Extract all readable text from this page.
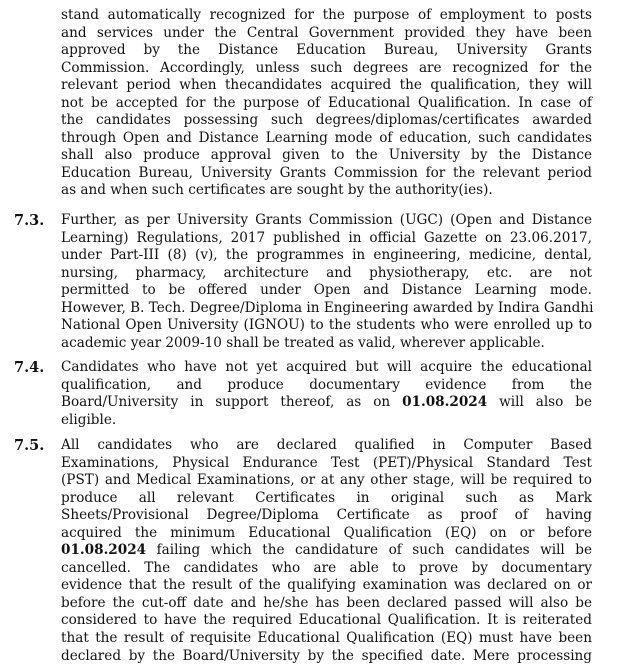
stand automatically recognized for the purpose of employment to posts
and services under the Central Government provided they have been
approved by the Distance Education Bureau, University Grants
Commission. Accordingly, unless such degrees are recognized for the
relevant period when thecandidates acquired the qualification, they will
not be accepted for the purpose of Educational Qualification. In case of
the candidates possessing such degrees/diplomas/certificates awarded
through Open and Distance Learning mode of education, such candidates
shall also produce approval given to the University by the Distance
Education Bureau, University Grants Commission for the relevant period
as and when such certificates are sought by the authority(ies).
7.3. Further, as per University Grants Commission (UGC) (Open and Distance
Learning) Regulations, 2017 published in official Gazette on 23.06.2017,
under Part-III (8) (v), the programmes in engineering, medicine, dental,
nursing, pharmacy, architecture and physiotherapy, etc. are not
permitted to be offered under Open and Distance Learning mode.
However, B. Tech. Degree/Diploma in Engineering awarded by Indira Gandhi
National Open University (IGNOU) to the students who were enrolled up to
academic year 2009-10 shall be treated as valid, wherever applicable.
7.4. Candidates who have not yet acquired but will acquire the educational
qualification, and produce documentary evidence from the
Board/University in support thereof, as on 01.08.2024 will also be
eligible.
7.5. All candidates who are declared qualified in Computer Based
Examinations, Physical Endurance Test (PET)/Physical Standard Test
(PST) and Medical Examinations, or at any other stage, will be required to
produce all relevant Certificates in original such as Mark
Sheets/Provisional Degree/Diploma Certificate as proof of having
acquired the minimum Educational Qualification (EQ) on or before
01.08.2024 failing which the candidature of such candidates will be
cancelled. The candidates who are able to prove by documentary
evidence that the result of the qualifying examination was declared on or
before the cut-off date and he/she has been declared passed will also be
considered to have the required Educational Qualification. It is reiterated
that the result of requisite Educational Qualification (EQ) must have been
declared by the Board/University by the specified date. Mere processing
